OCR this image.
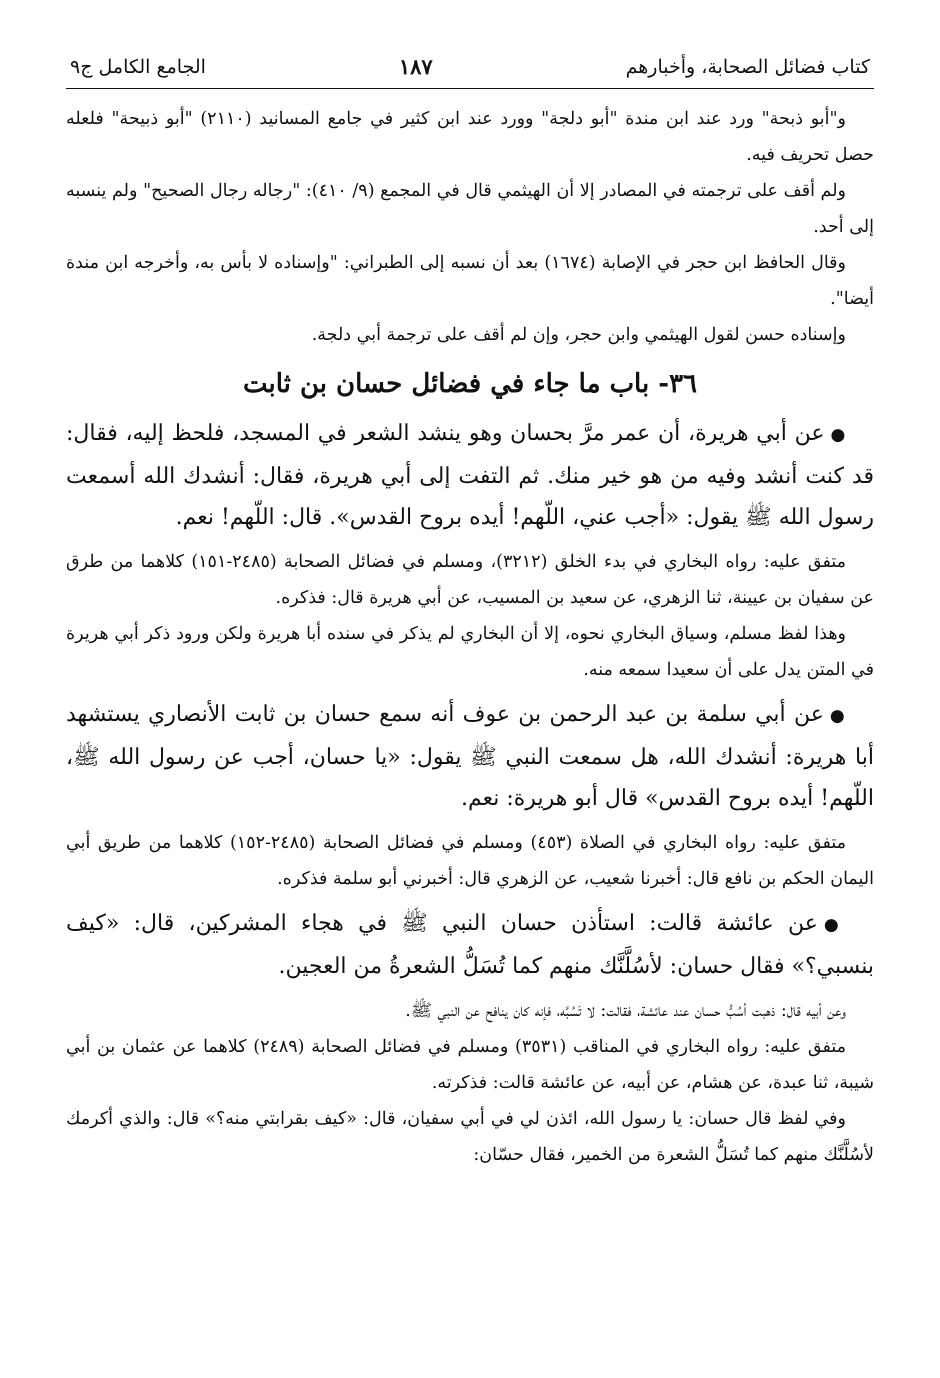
كتاب فضائل الصحابة، وأخبارهم
١٨٧
الجامع الكامل ج٩

و"أبو ذبحة" ورد عند ابن مندة "أبو دلجة" وورد عند ابن كثير في جامع المسانيد (٢١١٠) "أبو ذبيحة" فلعله حصل تحريف فيه.

ولم أقف على ترجمته في المصادر إلا أن الهيثمي قال في المجمع (٩/ ٤١٠): "رجاله رجال الصحيح" ولم ينسبه إلى أحد.

وقال الحافظ ابن حجر في الإصابة (١٦٧٤) بعد أن نسبه إلى الطبراني: "وإسناده لا بأس به، وأخرجه ابن مندة أيضا".

وإسناده حسن لقول الهيثمي وابن حجر، وإن لم أقف على ترجمة أبي دلجة.

٣٦- باب ما جاء في فضائل حسان بن ثابت

●عن أبي هريرة، أن عمر مرَّ بحسان وهو ينشد الشعر في المسجد، فلحظ إليه، فقال: قد كنت أنشد وفيه من هو خير منك. ثم التفت إلى أبي هريرة، فقال: أنشدك الله أسمعت رسول الله ﷺ يقول: «أجب عني، اللّهم! أيده بروح القدس». قال: اللّهم! نعم.

متفق عليه: رواه البخاري في بدء الخلق (٣٢١٢)، ومسلم في فضائل الصحابة (٢٤٨٥-١٥١) كلاهما من طرق عن سفيان بن عيينة، ثنا الزهري، عن سعيد بن المسيب، عن أبي هريرة قال: فذكره.

وهذا لفظ مسلم، وسياق البخاري نحوه، إلا أن البخاري لم يذكر في سنده أبا هريرة ولكن ورود ذكر أبي هريرة في المتن يدل على أن سعيدا سمعه منه.

●عن أبي سلمة بن عبد الرحمن بن عوف أنه سمع حسان بن ثابت الأنصاري يستشهد أبا هريرة: أنشدك الله، هل سمعت النبي ﷺ يقول: «يا حسان، أجب عن رسول الله ﷺ، اللّهم! أيده بروح القدس» قال أبو هريرة: نعم.

متفق عليه: رواه البخاري في الصلاة (٤٥٣) ومسلم في فضائل الصحابة (٢٤٨٥-١٥٢) كلاهما من طريق أبي اليمان الحكم بن نافع قال: أخبرنا شعيب، عن الزهري قال: أخبرني أبو سلمة فذكره.

●عن عائشة قالت: استأذن حسان النبي ﷺ في هجاء المشركين، قال: «كيف بنسبي؟» فقال حسان: لأسُلَّنَّك منهم كما تُسَلُّ الشعرةُ من العجين.

وعن أبيه قال: ذهبت أسُبُّ حسان عند عائشة، فقالت: لا تَسُبَّه، فإنه كان ينافح عن النبي ﷺ.

متفق عليه: رواه البخاري في المناقب (٣٥٣١) ومسلم في فضائل الصحابة (٢٤٨٩) كلاهما عن عثمان بن أبي شيبة، ثنا عبدة، عن هشام، عن أبيه، عن عائشة قالت: فذكرته.

وفي لفظ قال حسان: يا رسول الله، ائذن لي في أبي سفيان، قال: «كيف بقرابتي منه؟» قال: والذي أكرمك لأسُلَّنَّك منهم كما تُسَلُّ الشعرة من الخمير، فقال حسّان:
